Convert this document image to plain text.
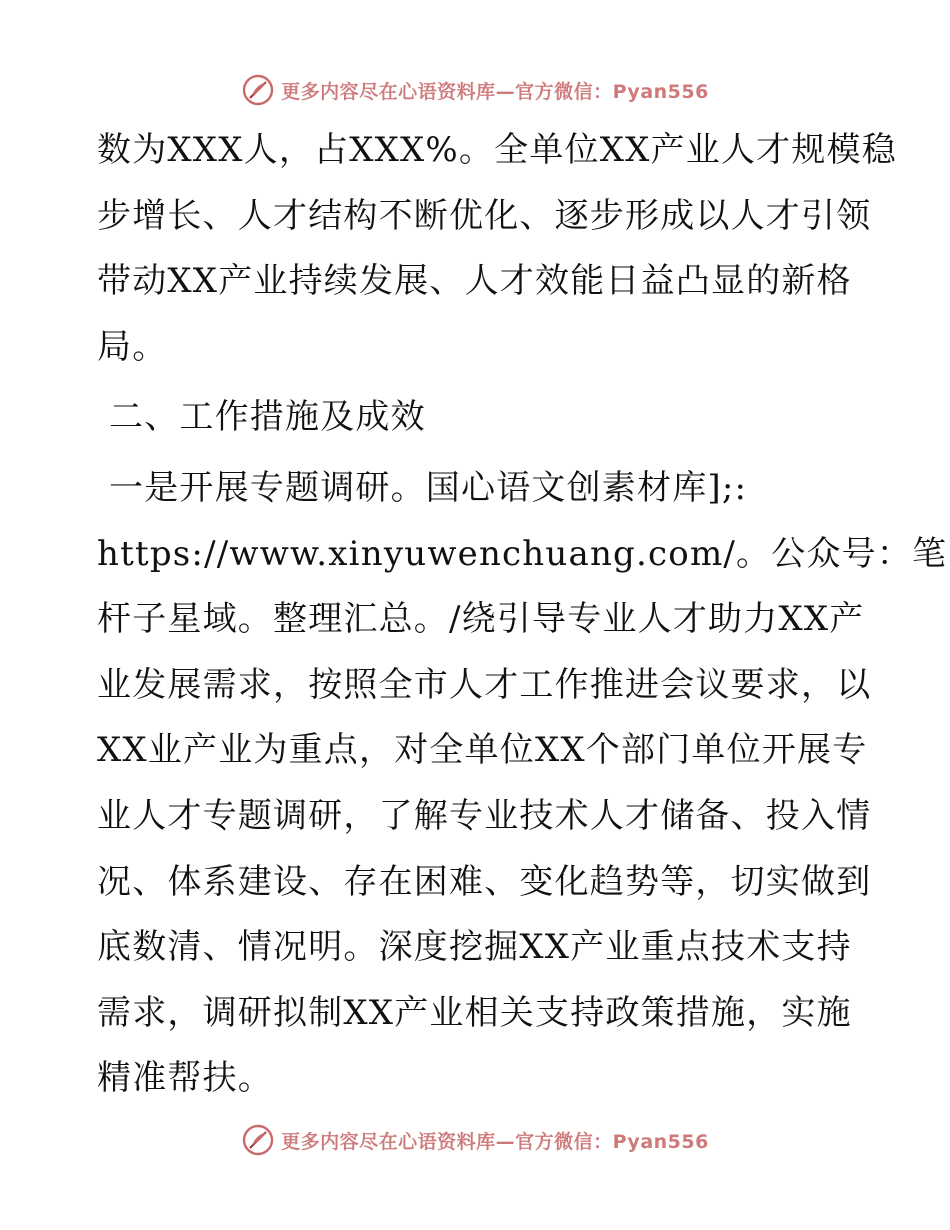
更多内容尽在心语资料库—官方微信：Pyan556
数为XXX人，占XXX%。全单位XX产业人才规模稳
步增长、人才结构不断优化、逐步形成以人才引领
带动XX产业持续发展、人才效能日益凸显的新格
局。
二、工作措施及成效
一是开展专题调研。国心语文创素材库];:
https://www.xinyuwenchuang.com/。公众号：笔
杆子星域。整理汇总。/绕引导专业人才助力XX产
业发展需求，按照全市人才工作推进会议要求，以
XX业产业为重点，对全单位XX个部门单位开展专
业人才专题调研，了解专业技术人才储备、投入情
况、体系建设、存在困难、变化趋势等，切实做到
底数清、情况明。深度挖掘XX产业重点技术支持
需求，调研拟制XX产业相关支持政策措施，实施
精准帮扶。
更多内容尽在心语资料库—官方微信：Pyan556
